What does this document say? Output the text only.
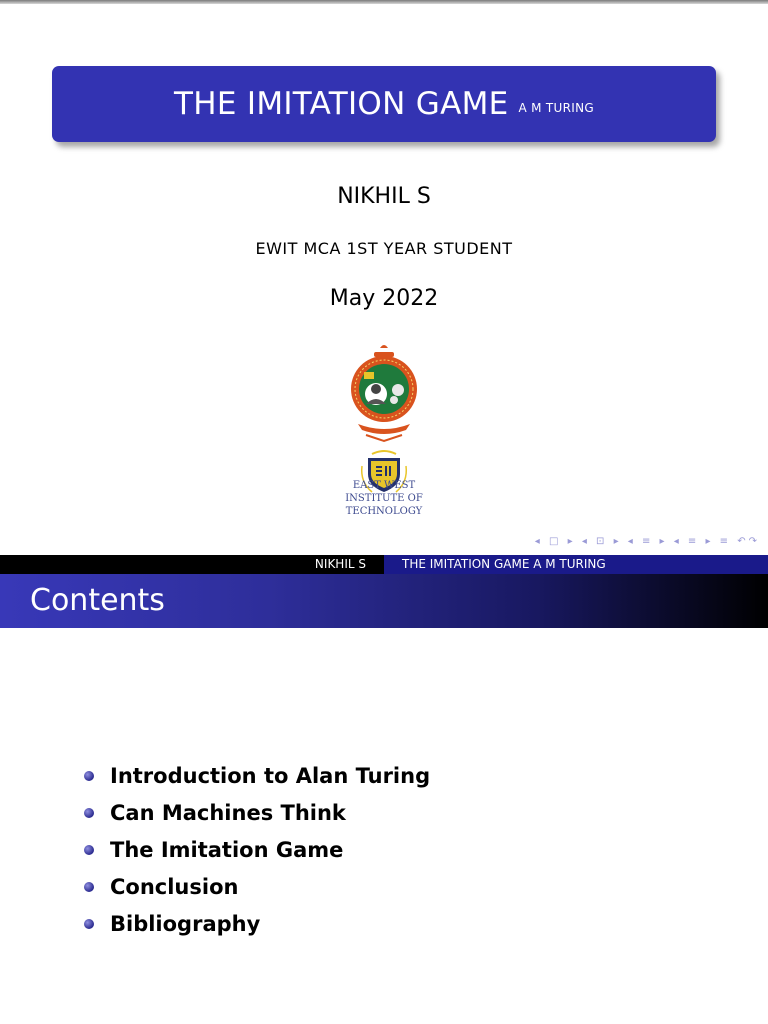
THE IMITATION GAME A M TURING
NIKHIL S
EWIT MCA 1ST YEAR STUDENT
May 2022
EAST WEST
INSTITUTE OF
TECHNOLOGY
◂ □ ▸ ◂ ⊡ ▸ ◂ ≡ ▸ ◂ ≡ ▸ ≡ ↶↷
NIKHIL S	THE IMITATION GAME A M TURING
Contents
Introduction to Alan Turing
Can Machines Think
The Imitation Game
Conclusion
Bibliography
